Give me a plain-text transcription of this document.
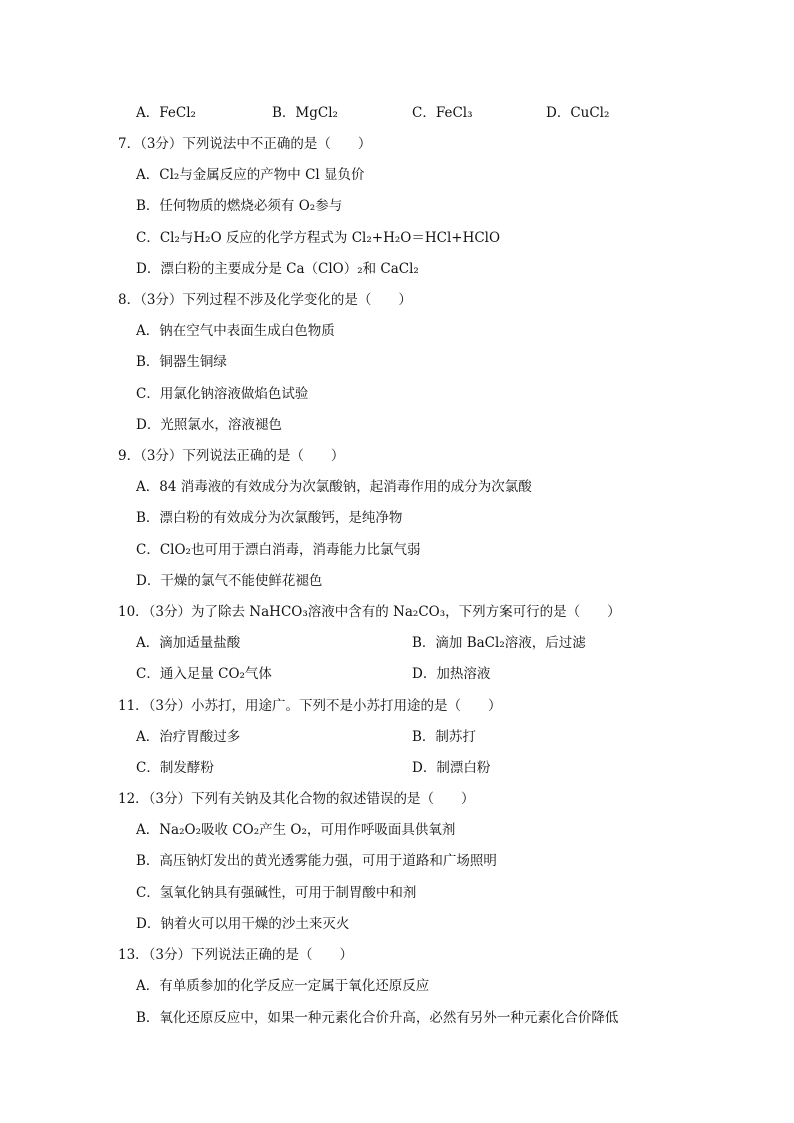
A．FeCl₂	B．MgCl₂	C．FeCl₃	D．CuCl₂
7．（3分）下列说法中不正确的是（　　）
A．Cl₂与金属反应的产物中 Cl 显负价
B．任何物质的燃烧必须有 O₂参与
C．Cl₂与H₂O 反应的化学方程式为 Cl₂+H₂O＝HCl+HClO
D．漂白粉的主要成分是 Ca（ClO）₂和 CaCl₂
8．（3分）下列过程不涉及化学变化的是（　　）
A．钠在空气中表面生成白色物质
B．铜器生铜绿
C．用氯化钠溶液做焰色试验
D．光照氯水，溶液褪色
9．（3分）下列说法正确的是（　　）
A．84 消毒液的有效成分为次氯酸钠，起消毒作用的成分为次氯酸
B．漂白粉的有效成分为次氯酸钙，是纯净物
C．ClO₂也可用于漂白消毒，消毒能力比氯气弱
D．干燥的氯气不能使鲜花褪色
10．（3分）为了除去 NaHCO₃溶液中含有的 Na₂CO₃，下列方案可行的是（　　）
A．滴加适量盐酸	B．滴加 BaCl₂溶液，后过滤
C．通入足量 CO₂气体	D．加热溶液
11．（3分）小苏打，用途广。下列不是小苏打用途的是（　　）
A．治疗胃酸过多	B．制苏打
C．制发酵粉	D．制漂白粉
12．（3分）下列有关钠及其化合物的叙述错误的是（　　）
A．Na₂O₂吸收 CO₂产生 O₂，可用作呼吸面具供氧剂
B．高压钠灯发出的黄光透雾能力强，可用于道路和广场照明
C．氢氧化钠具有强碱性，可用于制胃酸中和剂
D．钠着火可以用干燥的沙土来灭火
13．（3分）下列说法正确的是（　　）
A．有单质参加的化学反应一定属于氧化还原反应
B．氧化还原反应中，如果一种元素化合价升高，必然有另外一种元素化合价降低
